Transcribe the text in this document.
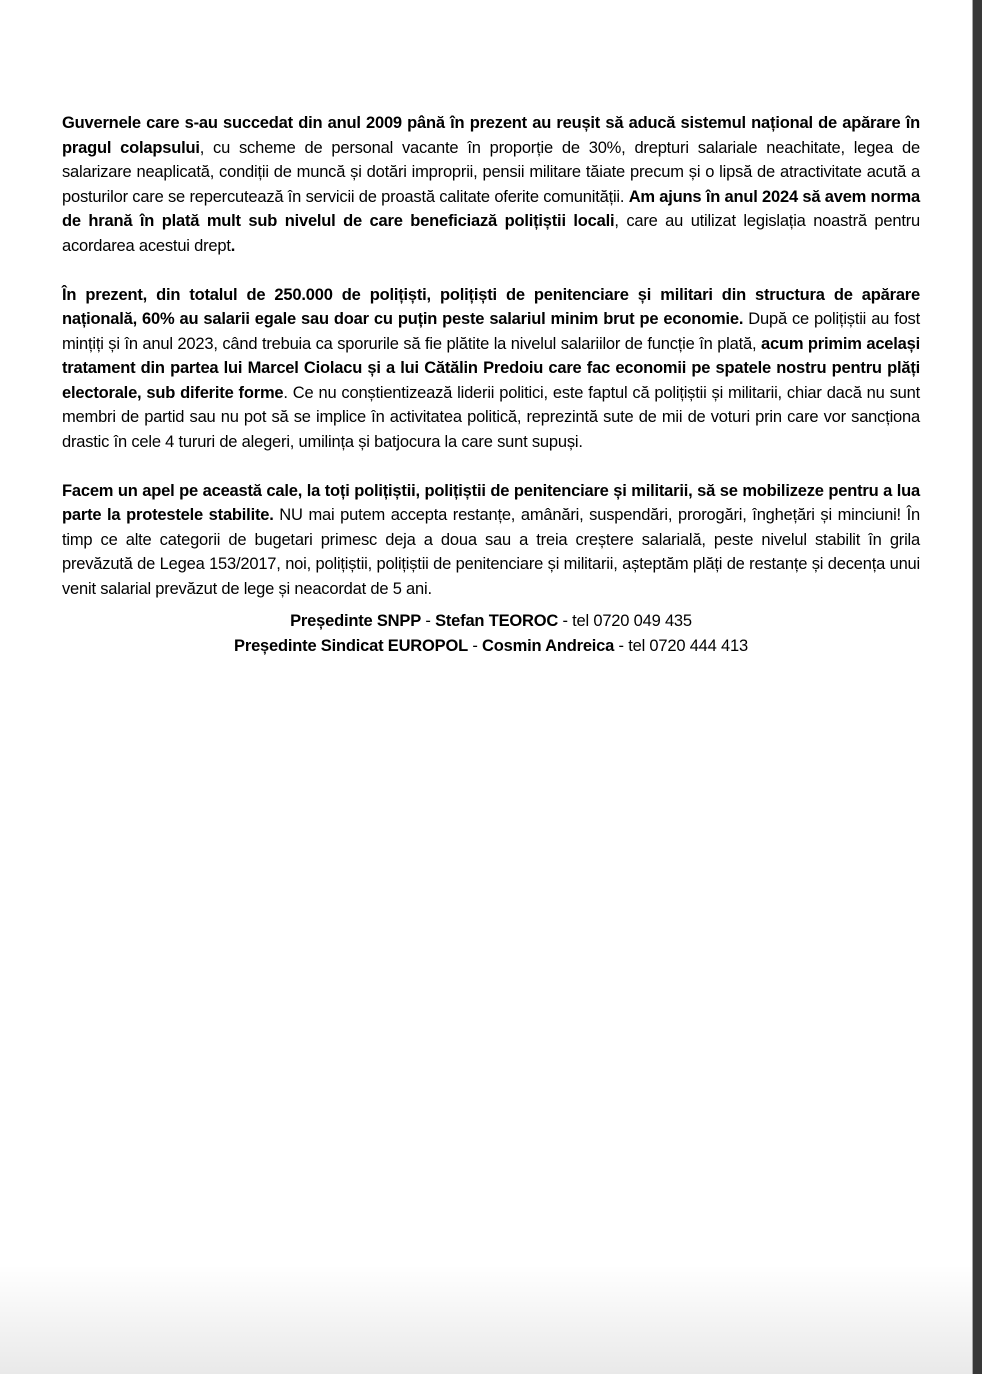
Guvernele care s-au succedat din anul 2009 până în prezent au reușit să aducă sistemul național de apărare în pragul colapsului, cu scheme de personal vacante în proporție de 30%, drepturi salariale neachitate, legea de salarizare neaplicată, condiții de muncă și dotări improprii, pensii militare tăiate precum și o lipsă de atractivitate acută a posturilor care se repercutează în servicii de proastă calitate oferite comunității. Am ajuns în anul 2024 să avem norma de hrană în plată mult sub nivelul de care beneficiază polițiștii locali, care au utilizat legislația noastră pentru acordarea acestui drept.

În prezent, din totalul de 250.000 de polițiști, polițiști de penitenciare și militari din structura de apărare națională, 60% au salarii egale sau doar cu puțin peste salariul minim brut pe economie. După ce polițiștii au fost mințiți și în anul 2023, când trebuia ca sporurile să fie plătite la nivelul salariilor de funcție în plată, acum primim același tratament din partea lui Marcel Ciolacu și a lui Cătălin Predoiu care fac economii pe spatele nostru pentru plăți electorale, sub diferite forme. Ce nu conștientizează liderii politici, este faptul că polițiștii și militarii, chiar dacă nu sunt membri de partid sau nu pot să se implice în activitatea politică, reprezintă sute de mii de voturi prin care vor sancționa drastic în cele 4 tururi de alegeri, umilința și batjocura la care sunt supuși.

Facem un apel pe această cale, la toți polițiștii, polițiștii de penitenciare și militarii, să se mobilizeze pentru a lua parte la protestele stabilite. NU mai putem accepta restanțe, amânări, suspendări, prorogări, înghețări și minciuni! În timp ce alte categorii de bugetari primesc deja a doua sau a treia creștere salarială, peste nivelul stabilit în grila prevăzută de Legea 153/2017, noi, polițiștii, polițiștii de penitenciare și militarii, așteptăm plăți de restanțe și decența unui venit salarial prevăzut de lege și neacordat de 5 ani.

Președinte SNPP - Stefan TEOROC - tel 0720 049 435

Președinte Sindicat EUROPOL - Cosmin Andreica - tel 0720 444 413
